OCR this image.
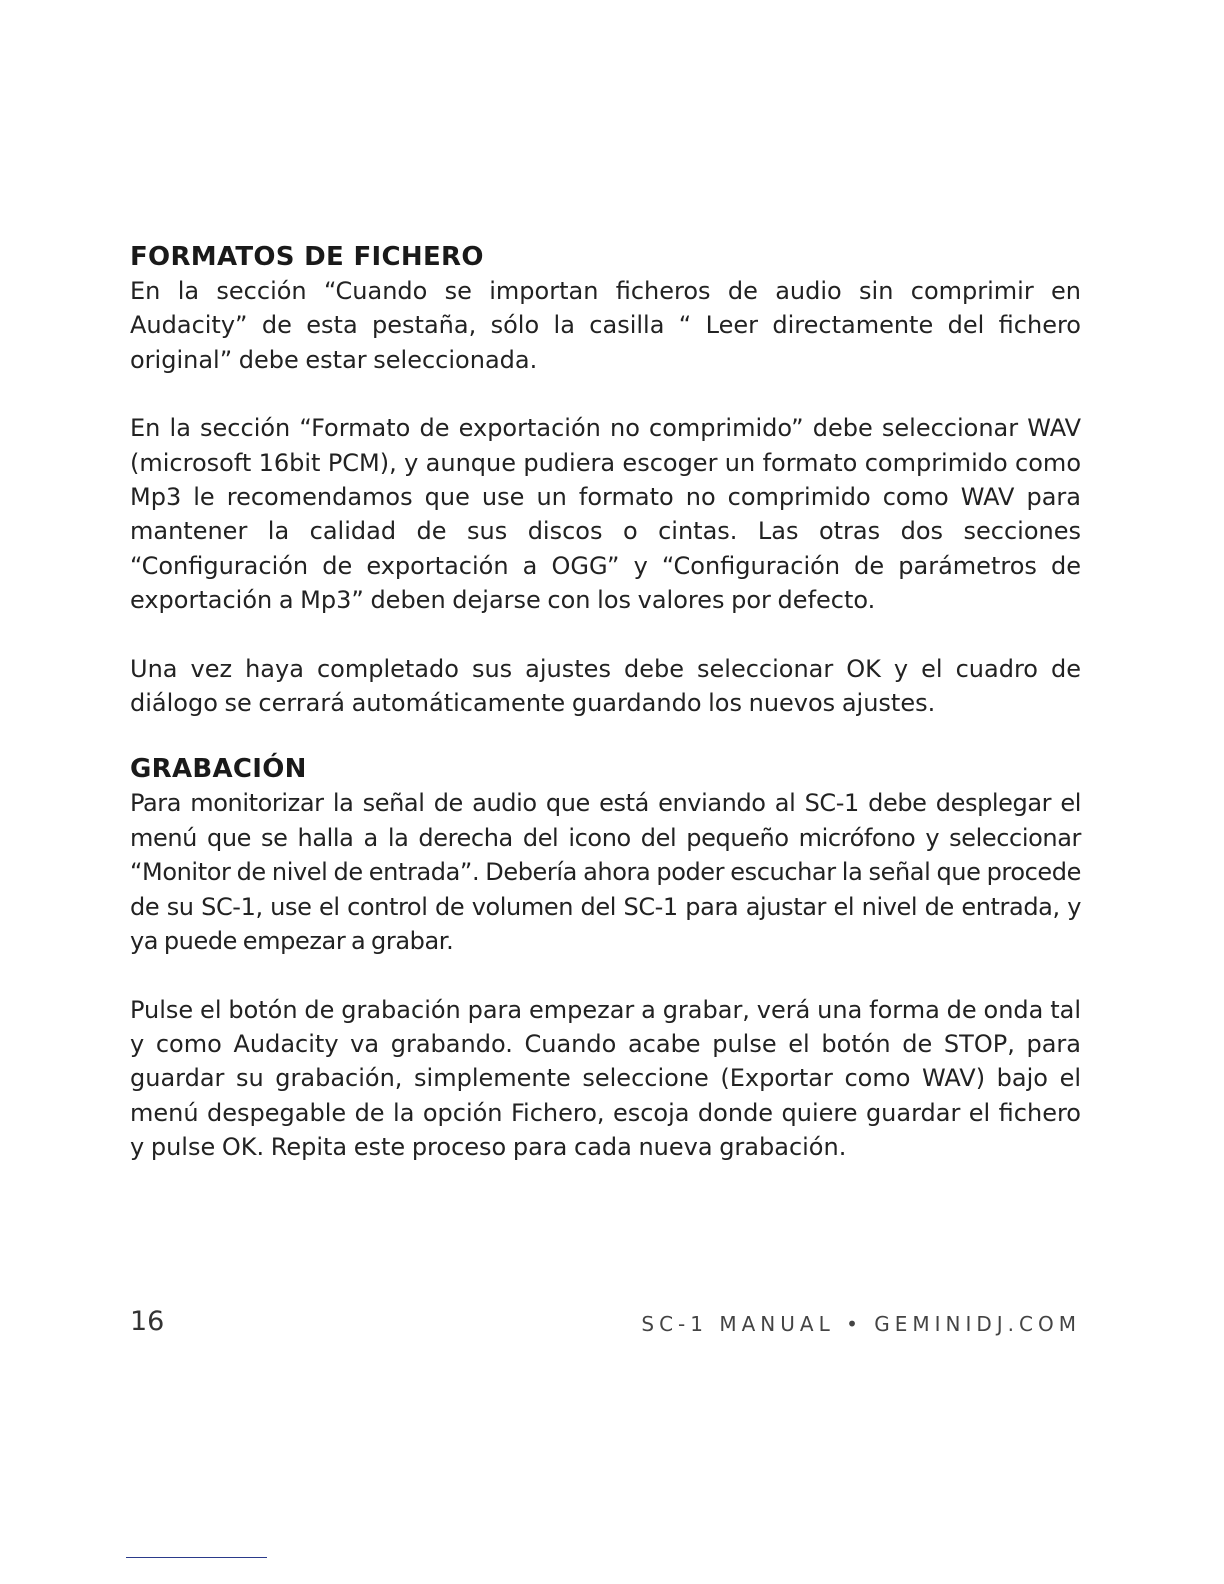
FORMATOS DE FICHERO

En la sección “Cuando se importan ficheros de audio sin comprimir en Audacity” de esta pestaña, sólo la casilla “ Leer directamente del fichero original” debe estar seleccionada.

En la sección “Formato de exportación no comprimido” debe seleccionar WAV (microsoft 16bit PCM), y aunque pudiera escoger un formato comprimido como Mp3 le recomendamos que use un formato no comprimido como WAV para mantener la calidad de sus discos o cintas. Las otras dos secciones “Configuración de exportación a OGG” y “Configuración de parámetros de exportación a Mp3” deben dejarse con los valores por defecto.

Una vez haya completado sus ajustes debe seleccionar OK y el cuadro de diálogo se cerrará automáticamente guardando los nuevos ajustes.

GRABACIÓN

Para monitorizar la señal de audio que está enviando al SC-1 debe desplegar el menú que se halla a la derecha del icono del pequeño micrófono y seleccionar “Monitor de nivel de entrada”. Debería ahora poder escuchar la señal que procede de su SC-1, use el control de volumen del SC-1 para ajustar el nivel de entrada, y ya puede empezar a grabar.

Pulse el botón de grabación para empezar a grabar, verá una forma de onda tal y como Audacity va grabando. Cuando acabe pulse el botón de STOP, para guardar su grabación, simplemente seleccione (Exportar como WAV) bajo el menú despegable de la opción Fichero, escoja donde quiere guardar el fichero y pulse OK. Repita este proceso para cada nueva grabación.

16	SC-1 MANUAL • GEMINIDJ.COM
